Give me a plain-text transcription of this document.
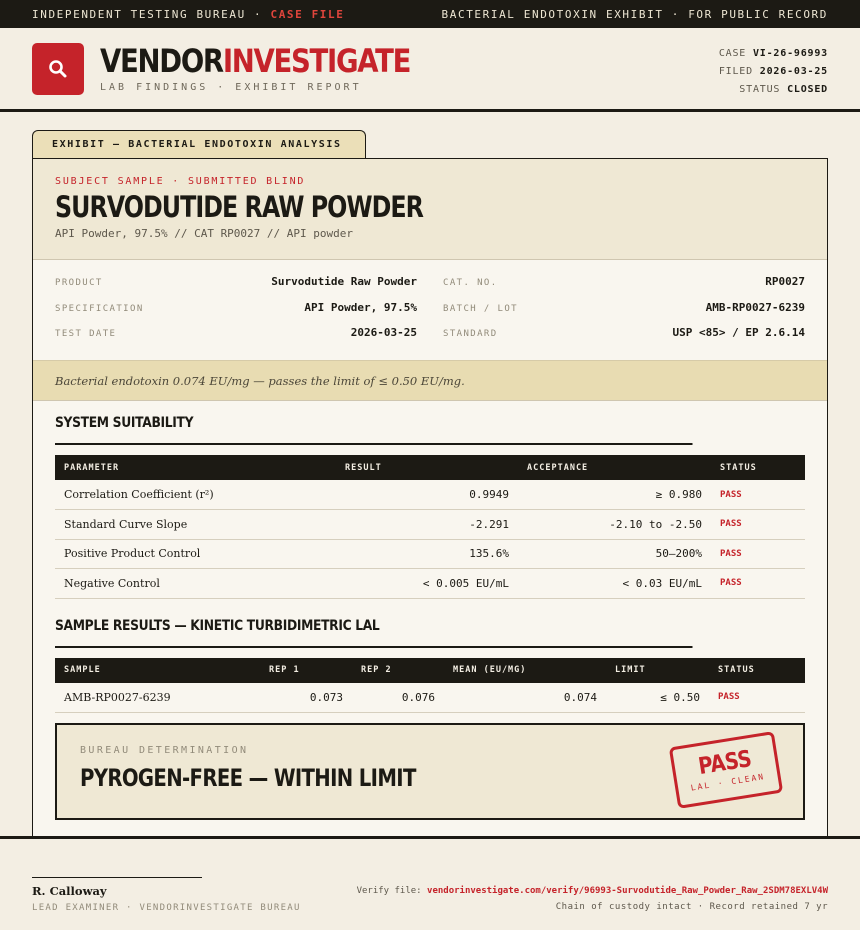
INDEPENDENT TESTING BUREAU · CASE FILE	BACTERIAL ENDOTOXIN EXHIBIT · FOR PUBLIC RECORD
VENDORINVESTIGATE
LAB FINDINGS · EXHIBIT REPORT
CASE VI-26-96993
FILED 2026-03-25
STATUS CLOSED
EXHIBIT — BACTERIAL ENDOTOXIN ANALYSIS
SUBJECT SAMPLE · SUBMITTED BLIND
SURVODUTIDE RAW POWDER
API Powder, 97.5% // CAT RP0027 // API powder
PRODUCT	Survodutide Raw Powder
SPECIFICATION	API Powder, 97.5%
TEST DATE	2026-03-25
CAT. NO.	RP0027
BATCH / LOT	AMB-RP0027-6239
STANDARD	USP <85> / EP 2.6.14
Bacterial endotoxin 0.074 EU/mg — passes the limit of ≤ 0.50 EU/mg.
SYSTEM SUITABILITY
PARAMETER	RESULT	ACCEPTANCE	STATUS
Correlation Coefficient (r²)	0.9949	≥ 0.980	PASS
Standard Curve Slope	-2.291	-2.10 to -2.50	PASS
Positive Product Control	135.6%	50–200%	PASS
Negative Control	< 0.005 EU/mL	< 0.03 EU/mL	PASS
SAMPLE RESULTS — KINETIC TURBIDIMETRIC LAL
SAMPLE	REP 1	REP 2	MEAN (EU/MG)	LIMIT	STATUS
AMB-RP0027-6239	0.073	0.076	0.074	≤ 0.50	PASS
BUREAU DETERMINATION
PYROGEN-FREE — WITHIN LIMIT	PASS
LAL · CLEAN
R. Calloway
LEAD EXAMINER · VENDORINVESTIGATE BUREAU
Verify file: vendorinvestigate.com/verify/96993-Survodutide_Raw_Powder_Raw_2SDM78EXLV4W
Chain of custody intact · Record retained 7 yr
